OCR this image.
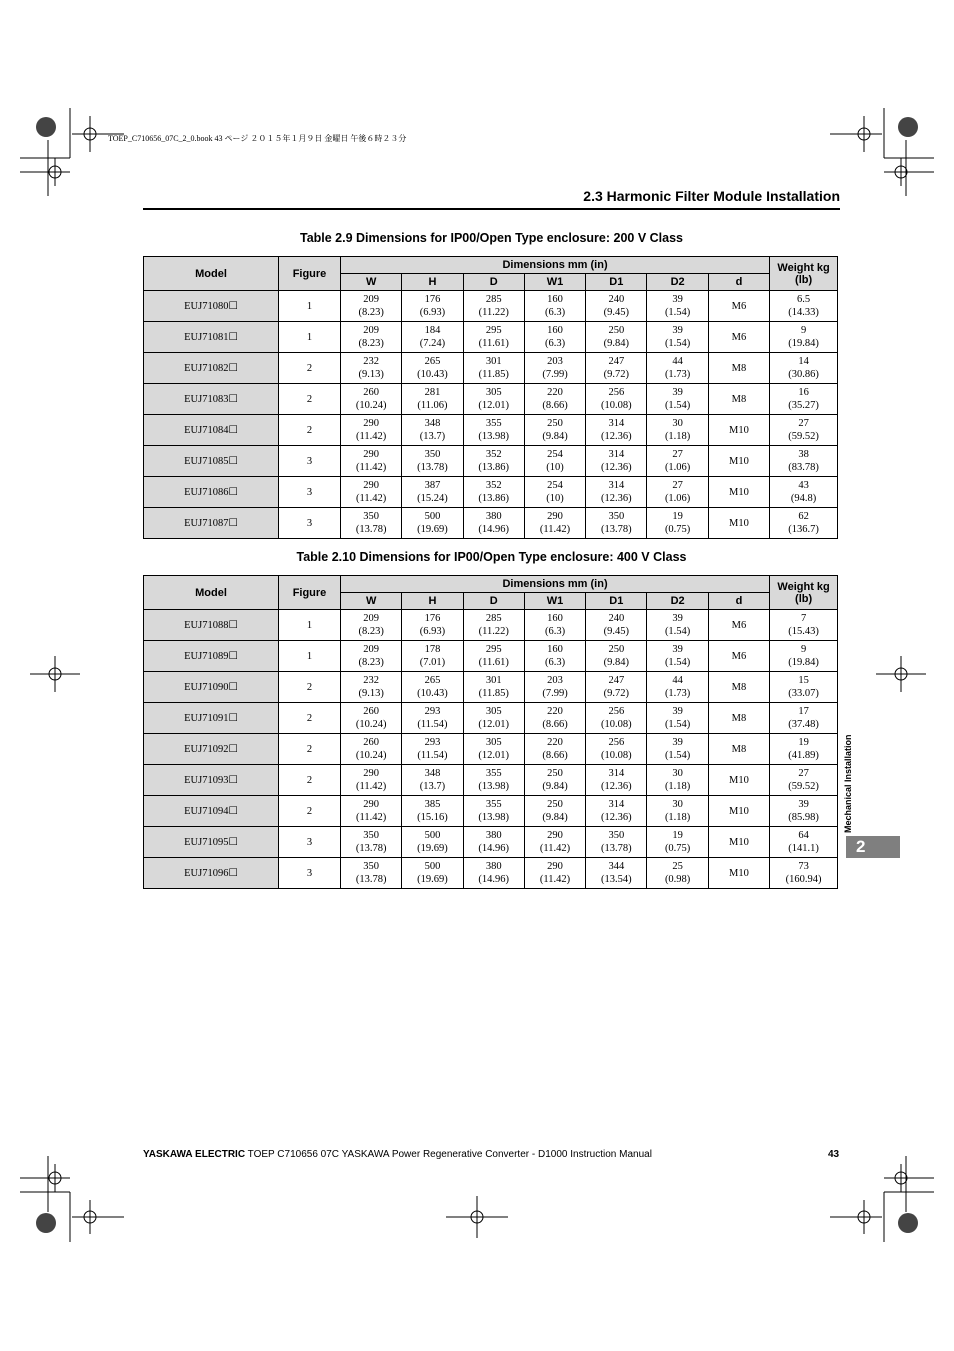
TOEP_C710656_07C_2_0.book 43 ページ ２０１５年１月９日 金曜日 午後６時２３分
2.3 Harmonic Filter Module Installation
Table 2.9 Dimensions for IP00/Open Type enclosure: 200 V Class
Model	Figure	Dimensions mm (in)							Weight kg (lb)
		W	H	D	W1	D1	D2	d	
EUJ71080☐	1	209
(8.23)	176
(6.93)	285
(11.22)	160
(6.3)	240
(9.45)	39
(1.54)	M6	6.5
(14.33)

EUJ71081☐	1	209
(8.23)	184
(7.24)	295
(11.61)	160
(6.3)	250
(9.84)	39
(1.54)	M6	9
(19.84)

EUJ71082☐	2	232
(9.13)	265
(10.43)	301
(11.85)	203
(7.99)	247
(9.72)	44
(1.73)	M8	14
(30.86)

EUJ71083☐	2	260
(10.24)	281
(11.06)	305
(12.01)	220
(8.66)	256
(10.08)	39
(1.54)	M8	16
(35.27)

EUJ71084☐	2	290
(11.42)	348
(13.7)	355
(13.98)	250
(9.84)	314
(12.36)	30
(1.18)	M10	27
(59.52)

EUJ71085☐	3	290
(11.42)	350
(13.78)	352
(13.86)	254
(10)	314
(12.36)	27
(1.06)	M10	38
(83.78)

EUJ71086☐	3	290
(11.42)	387
(15.24)	352
(13.86)	254
(10)	314
(12.36)	27
(1.06)	M10	43
(94.8)

EUJ71087☐	3	350
(13.78)	500
(19.69)	380
(14.96)	290
(11.42)	350
(13.78)	19
(0.75)	M10	62
(136.7)
Table 2.10 Dimensions for IP00/Open Type enclosure: 400 V Class
Model	Figure	Dimensions mm (in)							Weight kg (lb)
		W	H	D	W1	D1	D2	d	
EUJ71088☐	1	209
(8.23)	176
(6.93)	285
(11.22)	160
(6.3)	240
(9.45)	39
(1.54)	M6	7
(15.43)

EUJ71089☐	1	209
(8.23)	178
(7.01)	295
(11.61)	160
(6.3)	250
(9.84)	39
(1.54)	M6	9
(19.84)

EUJ71090☐	2	232
(9.13)	265
(10.43)	301
(11.85)	203
(7.99)	247
(9.72)	44
(1.73)	M8	15
(33.07)

EUJ71091☐	2	260
(10.24)	293
(11.54)	305
(12.01)	220
(8.66)	256
(10.08)	39
(1.54)	M8	17
(37.48)

EUJ71092☐	2	260
(10.24)	293
(11.54)	305
(12.01)	220
(8.66)	256
(10.08)	39
(1.54)	M8	19
(41.89)

EUJ71093☐	2	290
(11.42)	348
(13.7)	355
(13.98)	250
(9.84)	314
(12.36)	30
(1.18)	M10	27
(59.52)

EUJ71094☐	2	290
(11.42)	385
(15.16)	355
(13.98)	250
(9.84)	314
(12.36)	30
(1.18)	M10	39
(85.98)

EUJ71095☐	3	350
(13.78)	500
(19.69)	380
(14.96)	290
(11.42)	350
(13.78)	19
(0.75)	M10	64
(141.1)

EUJ71096☐	3	350
(13.78)	500
(19.69)	380
(14.96)	290
(11.42)	344
(13.54)	25
(0.98)	M10	73
(160.94)
YASKAWA ELECTRIC TOEP C710656 07C YASKAWA Power Regenerative Converter - D1000 Instruction Manual	43
Mechanical Installation
2
